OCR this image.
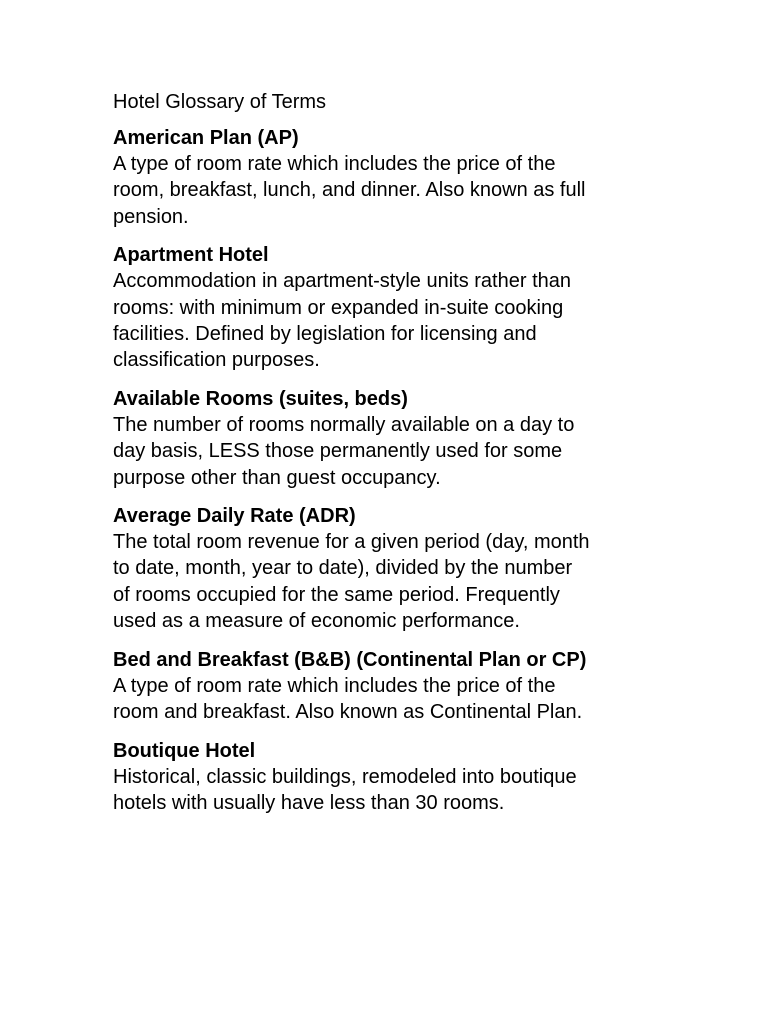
Hotel Glossary of Terms

American Plan (AP)

A type of room rate which includes the price of the
room, breakfast, lunch, and dinner. Also known as full
pension.

Apartment Hotel

Accommodation in apartment-style units rather than
rooms: with minimum or expanded in-suite cooking
facilities. Defined by legislation for licensing and
classification purposes.

Available Rooms (suites, beds)

The number of rooms normally available on a day to
day basis, LESS those permanently used for some
purpose other than guest occupancy.

Average Daily Rate (ADR)

The total room revenue for a given period (day, month
to date, month, year to date), divided by the number
of rooms occupied for the same period. Frequently
used as a measure of economic performance.

Bed and Breakfast (B&B) (Continental Plan or CP)

A type of room rate which includes the price of the
room and breakfast. Also known as Continental Plan.

Boutique Hotel

Historical, classic buildings, remodeled into boutique
hotels with usually have less than 30 rooms.
